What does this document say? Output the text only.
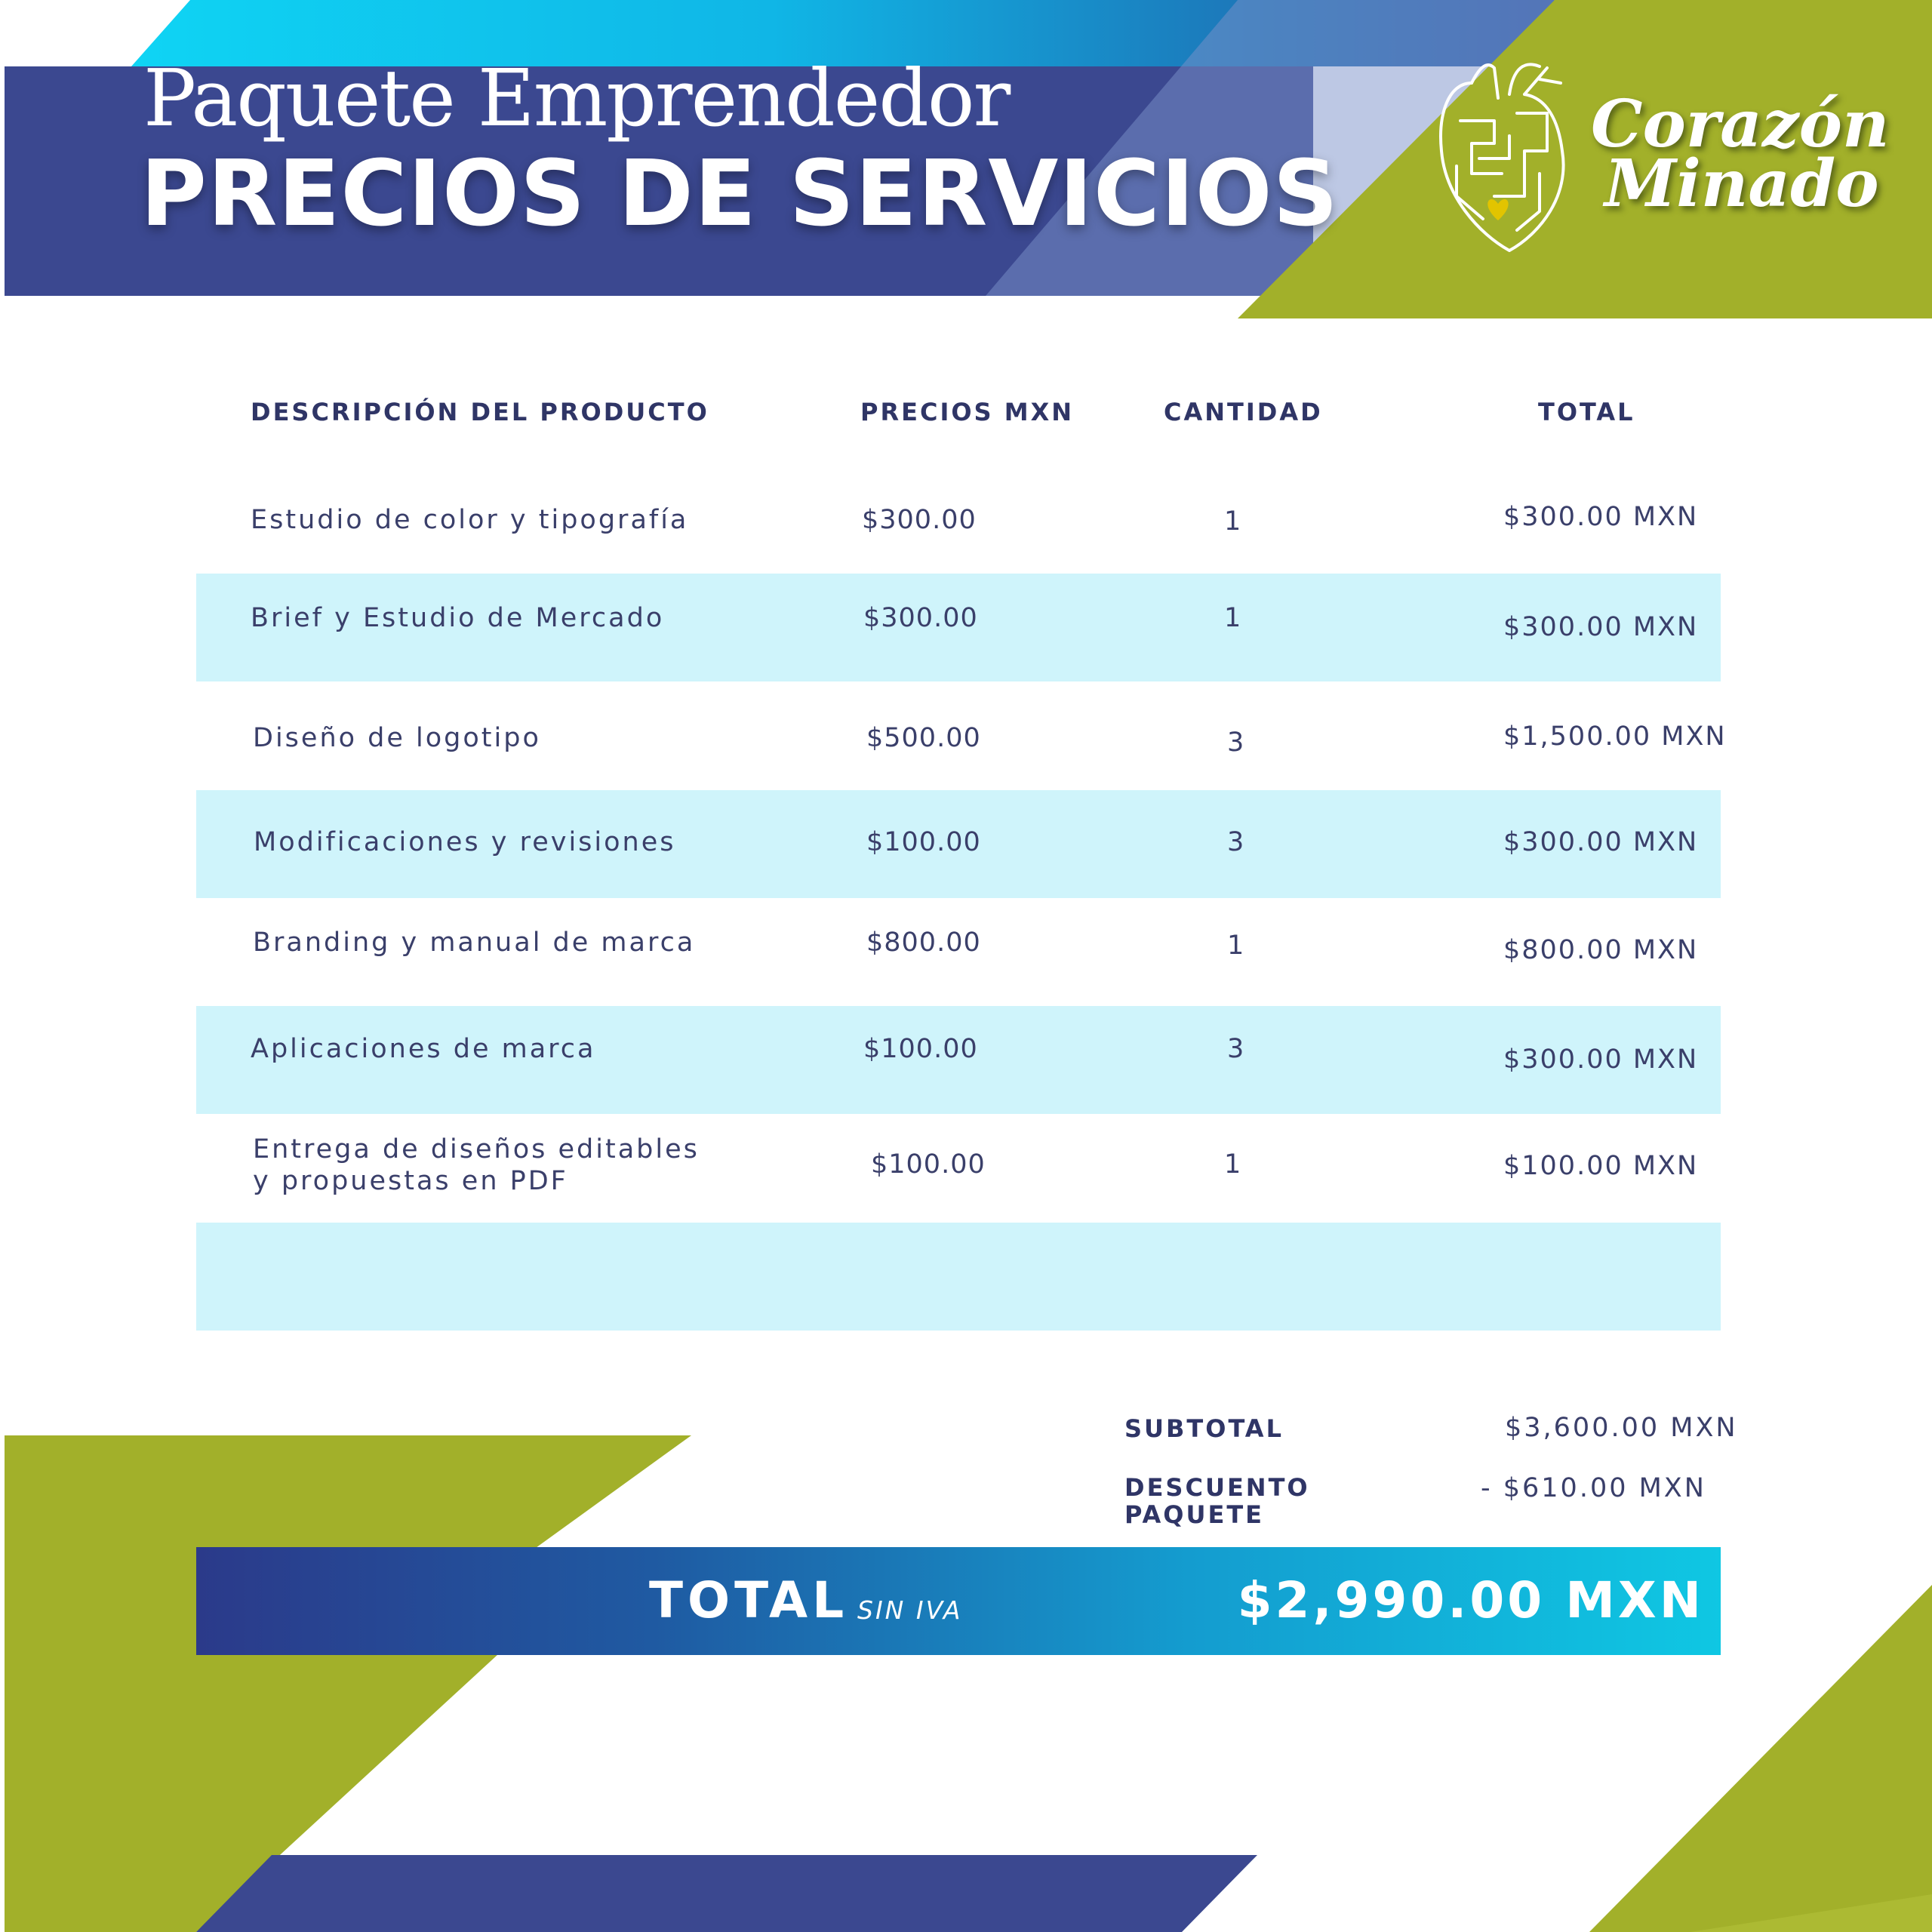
Paquete Emprendedor
PRECIOS DE SERVICIOS
Corazón
Minado
DESCRIPCIÓN DEL PRODUCTO	PRECIOS MXN	CANTIDAD	TOTAL
Estudio de color y tipografía	$300.00	1	$300.00 MXN
Brief y Estudio de Mercado	$300.00	1	$300.00 MXN
Diseño de logotipo	$500.00	3	$1,500.00 MXN
Modificaciones y revisiones	$100.00	3	$300.00 MXN
Branding y manual de marca	$800.00	1	$800.00 MXN
Aplicaciones de marca	$100.00	3	$300.00 MXN
Entrega de diseños editables
y propuestas en PDF
$100.00	1	$100.00 MXN
SUBTOTAL	$3,600.00 MXN
DESCUENTO
PAQUETE
- $610.00 MXN
TOTAL SIN IVA	$2,990.00 MXN
